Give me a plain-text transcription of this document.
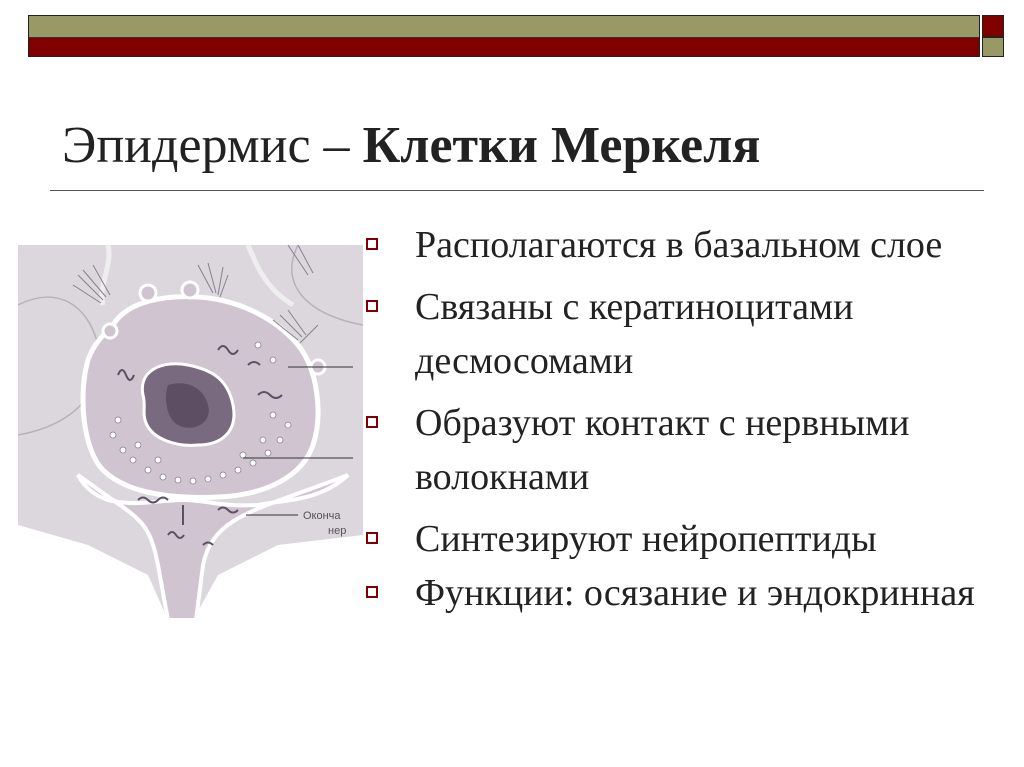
Эпидермис – Клетки Меркеля
Оконча
нер
Располагаются в базальном слое
Связаны с кератиноцитами десмосомами
Образуют контакт с нервными волокнами
Синтезируют нейропептиды
Функции: осязание и эндокринная
